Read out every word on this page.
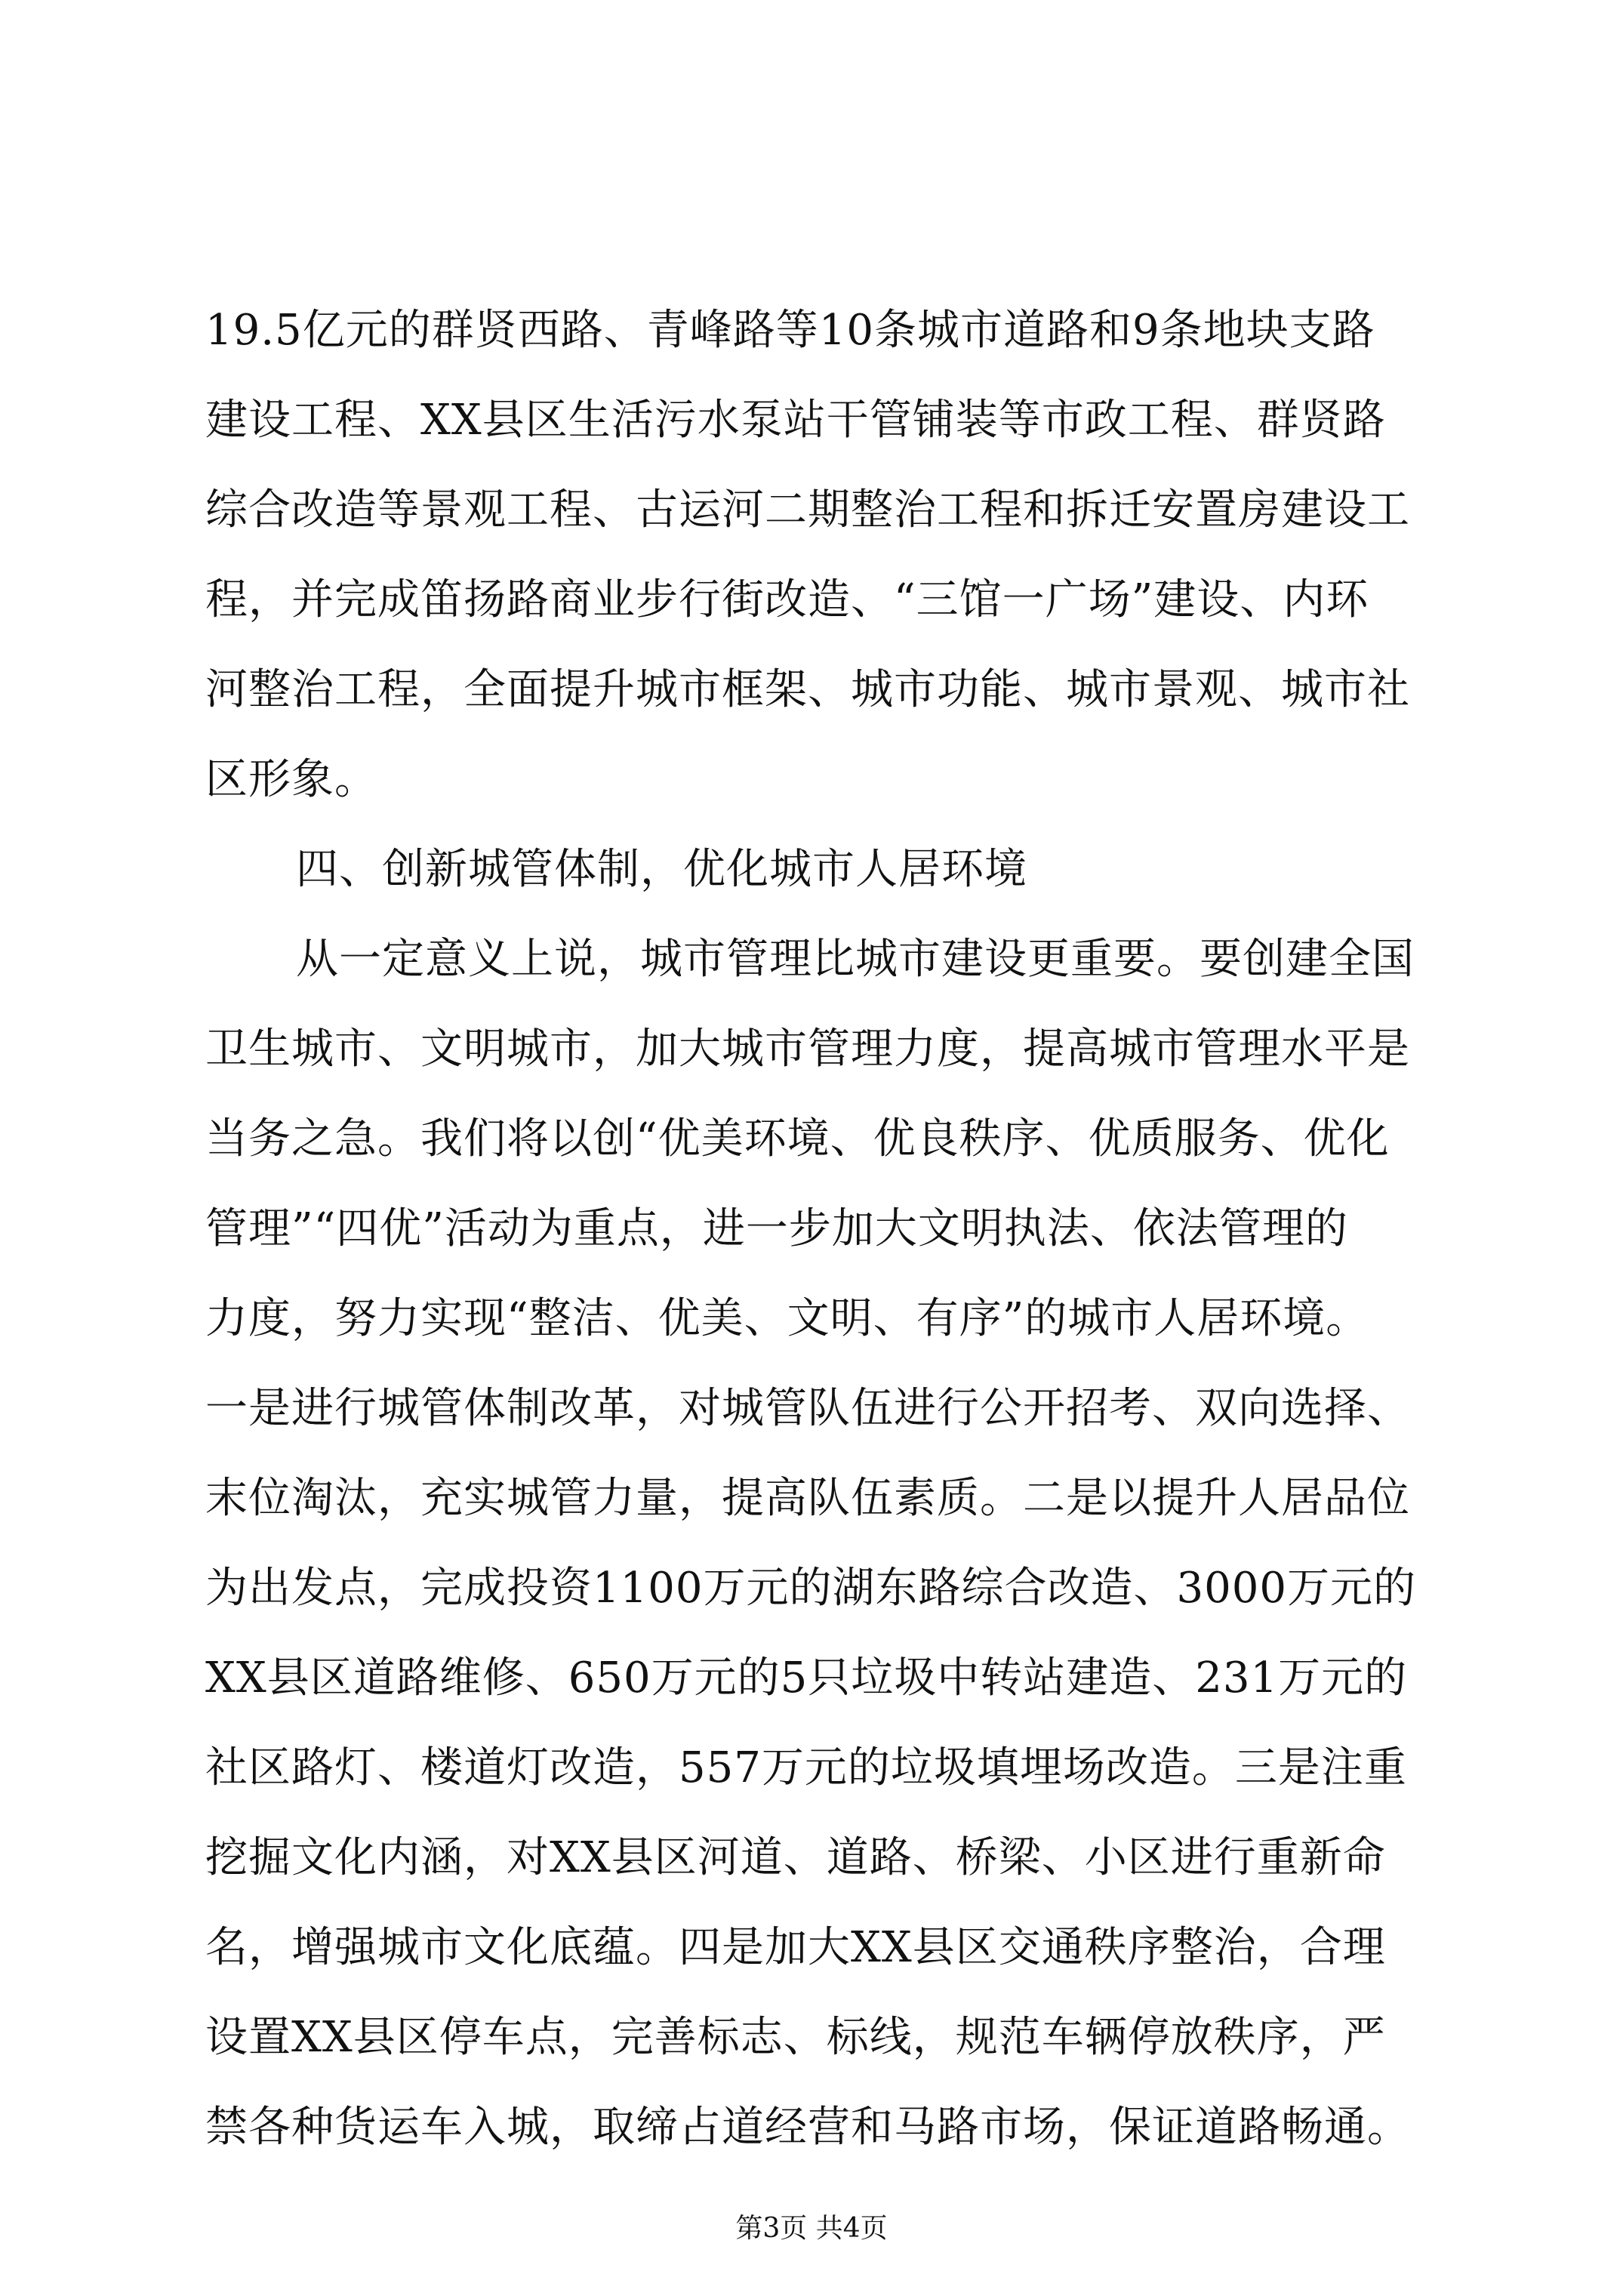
19.5亿元的群贤西路、青峰路等10条城市道路和9条地块支路
建设工程、XX县区生活污水泵站干管铺装等市政工程、群贤路
综合改造等景观工程、古运河二期整治工程和拆迁安置房建设工
程，并完成笛扬路商业步行街改造、“三馆一广场”建设、内环
河整治工程，全面提升城市框架、城市功能、城市景观、城市社
区形象。
四、创新城管体制，优化城市人居环境
从一定意义上说，城市管理比城市建设更重要。要创建全国
卫生城市、文明城市，加大城市管理力度，提高城市管理水平是
当务之急。我们将以创“优美环境、优良秩序、优质服务、优化
管理”“四优”活动为重点，进一步加大文明执法、依法管理的
力度，努力实现“整洁、优美、文明、有序”的城市人居环境。
一是进行城管体制改革，对城管队伍进行公开招考、双向选择、
末位淘汰，充实城管力量，提高队伍素质。二是以提升人居品位
为出发点，完成投资1100万元的湖东路综合改造、3000万元的
XX县区道路维修、650万元的5只垃圾中转站建造、231万元的
社区路灯、楼道灯改造，557万元的垃圾填埋场改造。三是注重
挖掘文化内涵，对XX县区河道、道路、桥梁、小区进行重新命
名，增强城市文化底蕴。四是加大XX县区交通秩序整治，合理
设置XX县区停车点，完善标志、标线，规范车辆停放秩序，严
禁各种货运车入城，取缔占道经营和马路市场，保证道路畅通。
第3页 共4页
